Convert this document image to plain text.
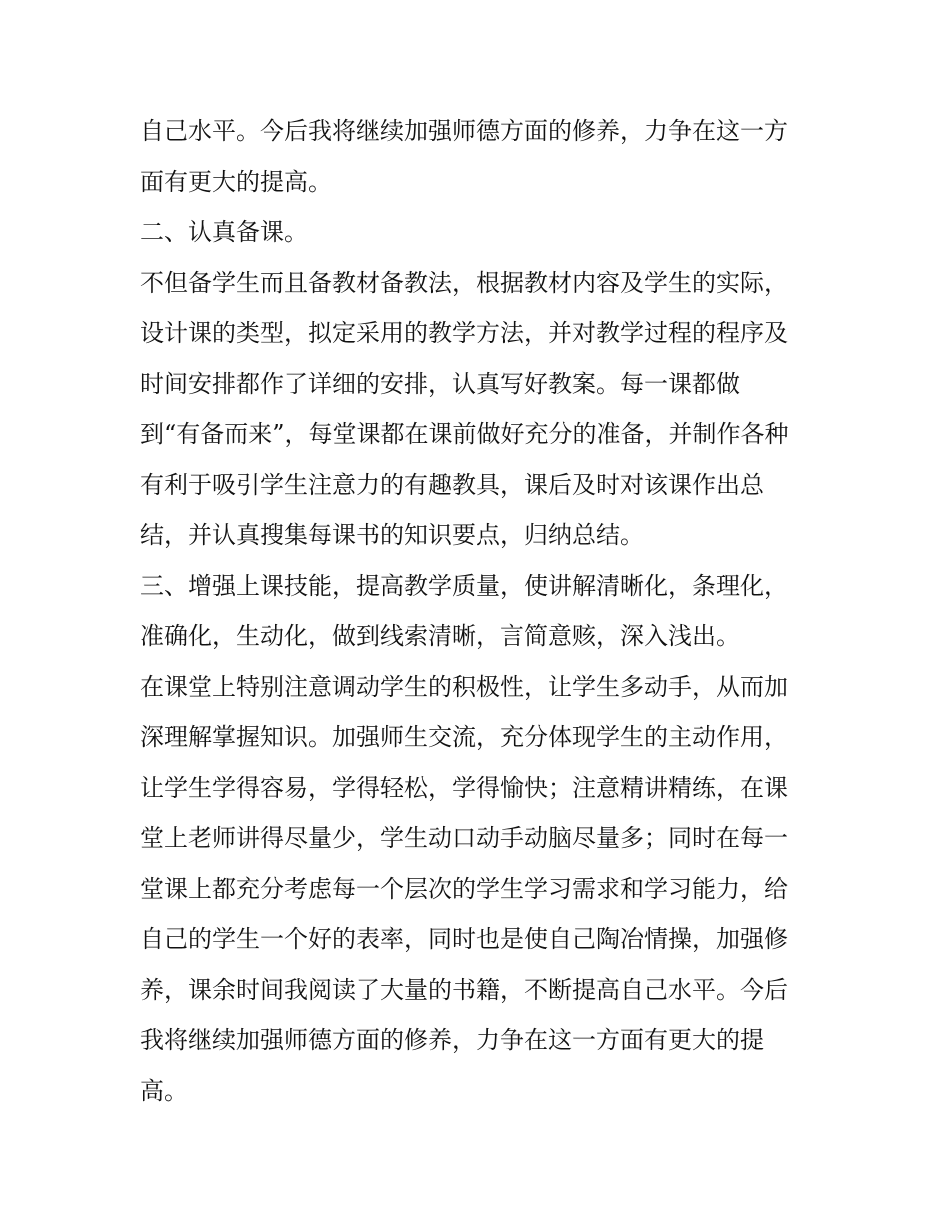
自己水平。今后我将继续加强师德方面的修养，力争在这一方

面有更大的提高。

二、认真备课。

不但备学生而且备教材备教法，根据教材内容及学生的实际，

设计课的类型，拟定采用的教学方法，并对教学过程的程序及

时间安排都作了详细的安排，认真写好教案。每一课都做

到“有备而来”，每堂课都在课前做好充分的准备，并制作各种

有利于吸引学生注意力的有趣教具，课后及时对该课作出总

结，并认真搜集每课书的知识要点，归纳总结。

三、增强上课技能，提高教学质量，使讲解清晰化，条理化，

准确化，生动化，做到线索清晰，言简意赅，深入浅出。

在课堂上特别注意调动学生的积极性，让学生多动手，从而加

深理解掌握知识。加强师生交流，充分体现学生的主动作用，

让学生学得容易，学得轻松，学得愉快；注意精讲精练，在课

堂上老师讲得尽量少，学生动口动手动脑尽量多；同时在每一

堂课上都充分考虑每一个层次的学生学习需求和学习能力，给

自己的学生一个好的表率，同时也是使自己陶冶情操，加强修

养，课余时间我阅读了大量的书籍，不断提高自己水平。今后

我将继续加强师德方面的修养，力争在这一方面有更大的提

高。
